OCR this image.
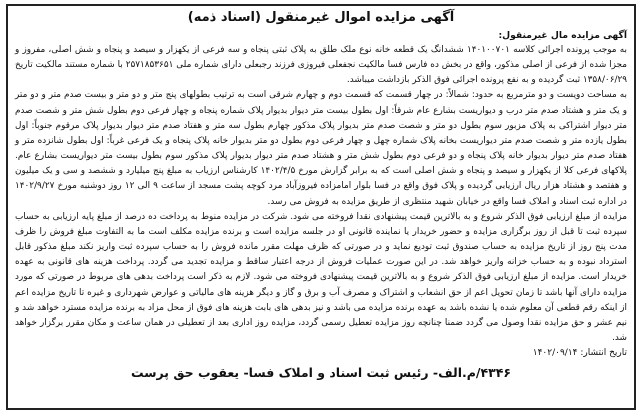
آگهی مزایده اموال غیرمنقول (اسناد ذمه)
آگهی مزایده مال غیرمنقول:

به موجب پرونده اجرائی کلاسه ۱۴۰۱۰۰۷۰۱ ششدانگ یک قطعه خانه نوع ملک طلق به پلاک ثبتی پنجاه و سه فرعی از یکهزار و سیصد و پنجاه و شش اصلی، مفروز و مجزا شده از فرعی از اصلی مذکور، واقع در بخش ده فارس فسا مالکیت نجفعلی فیروزی فرزند رجبعلی دارای شماره ملی ۲۵۷۱۸۵۳۶۵۱ با شماره مستند مالکیت تاریخ ۱۳۵۸/۰۶/۲۹ ثبت گردیده و به نفع پرونده اجرائی فوق الذکر بازداشت میباشد.

به مساحت دویست و دو مترمربع به حدود: شمالاً: در چهار قسمت که قسمت دوم و چهارم شرقی است به ترتیب بطولهای پنج متر و دو متر و بیست صدم متر و دو متر و یک متر و هشتاد صدم متر درب و دیواریست بشارع عام شرقاً: اول بطول بیست متر دیوار بدیوار پلاک شماره پنجاه و چهار فرعی دوم بطول شش متر و شصت صدم متر دیوار اشتراکی به پلاک مزبور سوم بطول دو متر و شصت صدم متر بدیوار پلاک مذکور چهارم بطول سه متر و هفتاد صدم متر دیوار بدیوار پلاک مرقوم جنوباً: اول بطول یازده متر و شصت صدم متر دیواریست بخانه پلاک شماره چهل و چهار فرعی دوم بطول دو متر بدیوار خانه پلاک پنجاه و یک فرعی غرباً: اول بطول شانزده متر و هفتاد صدم متر دیوار بدیوار خانه پلاک پنجاه و دو فرعی دوم بطول شش متر و هشتاد صدم متر دیوار بدیوار پلاک مذکور سوم بطول بیست متر دیواریست بشارع عام. پلاکهای فرعی کلا از یکهزار و سیصد و پنجاه و شش اصلی است که به برابر گزارش مورخ ۱۴۰۲/۴/۵ کارشناس ارزیاب به مبلغ پنج میلیارد و ششصد و سی و یک میلیون و هفتصد و هشتاد هزار ریال ارزیابی گردیده و پلاک فوق واقع در فسا بلوار امامزاده فیروزآباد مرد کوچه پشت مسجد از ساعت ۹ الی ۱۲ روز دوشنبه مورخ ۱۴۰۲/۹/۲۷ در اداره ثبت اسناد و املاک فسا واقع در خیابان شهید منتظری از طریق مزایده به فروش می رسد.

مزایده از مبلغ ارزیابی فوق الذکر شروع و به بالاترین قیمت پیشنهادی نقدا فروخته می شود. شرکت در مزایده منوط به پرداخت ده درصد از مبلغ پایه ارزیابی به حساب سپرده ثبت تا قبل از روز برگزاری مزایده و حضور خریدار یا نماینده قانونی او در جلسه مزایده است و برنده مزایده مکلف است ما به التفاوت مبلغ فروش را ظرف مدت پنج روز از تاریخ مزایده به حساب صندوق ثبت تودیع نماید و در صورتی که ظرف مهلت مقرر مانده فروش را به حساب سپرده ثبت واریز نکند مبلغ مذکور قابل استرداد نبوده و به حساب خزانه واریز خواهد شد. در این صورت عملیات فروش از درجه اعتبار ساقط و مزایده تجدید می گردد. پرداخت هزینه های قانونی به عهده خریدار است. مزایده از مبلغ ارزیابی فوق الذکر شروع و به بالاترین قیمت پیشنهادی فروخته می شود. لازم به ذکر است پرداخت بدهی های مربوط در صورتی که مورد مزایده دارای آنها باشد تا زمان تحویل اعم از حق انشعاب و اشتراک و مصرف آب و برق و گاز و دیگر هزینه های مالیاتی و عوارض شهرداری و غیره تا تاریخ مزایده اعم از اینکه رقم قطعی آن معلوم شده یا نشده باشد به عهده برنده مزایده می باشد و نیز بدهی های بابت هزینه های فوق از محل مزاد به برنده مزایده مسترد خواهد شد و نیم عشر و حق مزایده نقدا وصول می گردد ضمنا چنانچه روز مزایده تعطیل رسمی گردد، مزایده روز اداری بعد از تعطیلی در همان ساعت و مکان مقرر برگزار خواهد شد.

تاریخ انتشار: ۱۴۰۲/۰۹/۱۴

۴۳۴۶/م.الف- رئیس ثبت اسناد و املاک فسا- یعقوب حق پرست
